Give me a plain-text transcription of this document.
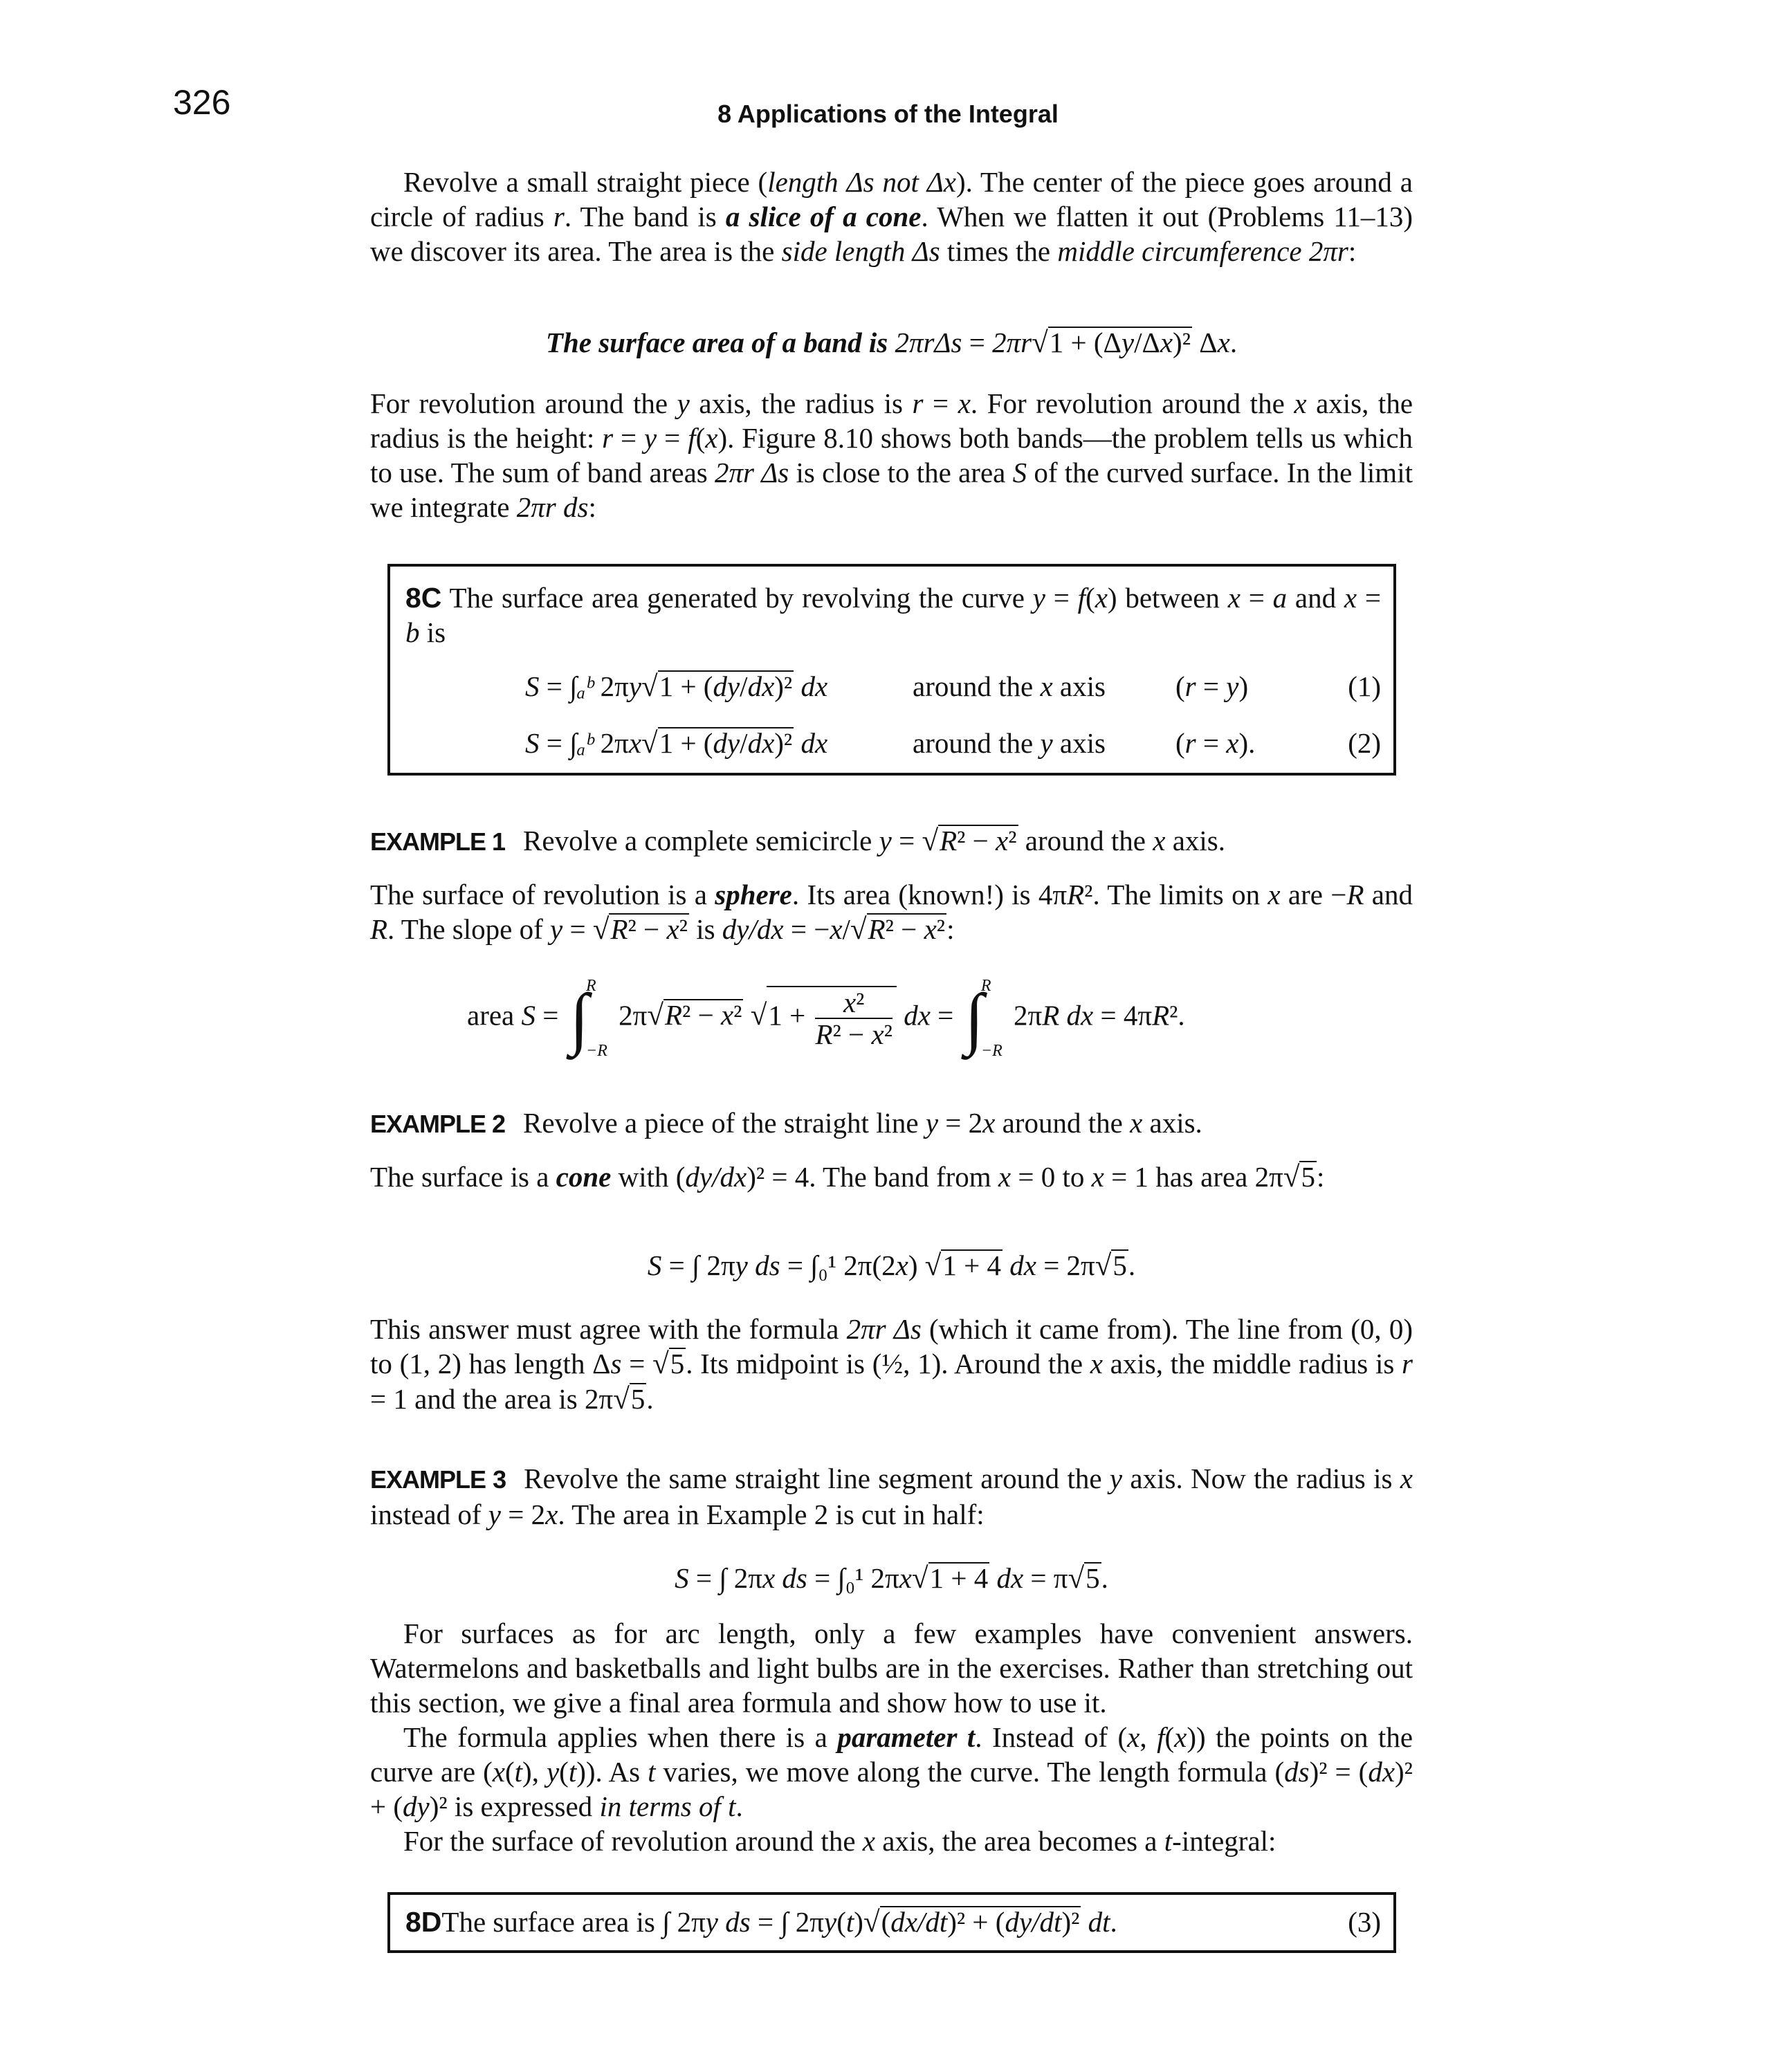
326	8 Applications of the Integral
Revolve a small straight piece (length Δs not Δx). The center of the piece goes around a circle of radius r. The band is a slice of a cone. When we flatten it out (Problems 11–13) we discover its area. The area is the side length Δs times the middle circumference 2πr:
The surface area of a band is 2πrΔs = 2πr√1 + (Δy/Δx)² Δx.
For revolution around the y axis, the radius is r = x. For revolution around the x axis, the radius is the height: r = y = f(x). Figure 8.10 shows both bands—the problem tells us which to use. The sum of band areas 2πr Δs is close to the area S of the curved surface. In the limit we integrate 2πr ds:
8C The surface area generated by revolving the curve y = f(x) between x = a and x = b is
S = ∫ₐᵇ 2πy√1 + (dy/dx)² dx	around the x axis	(r = y)	(1)
S = ∫ₐᵇ 2πx√1 + (dy/dx)² dx	around the y axis	(r = x).	(2)
EXAMPLE 1 Revolve a complete semicircle y = √R² − x² around the x axis.
The surface of revolution is a sphere. Its area (known!) is 4πR². The limits on x are −R and R. The slope of y = √R² − x² is dy/dx = −x/√R² − x²:
area S = ∫
R
−R
2π√R² − x² $√1 + \frac{\text{x²}}{\text{R² − x²}}$ dx = ∫
R
−R
2πR dx = 4πR².
EXAMPLE 2 Revolve a piece of the straight line y = 2x around the x axis.
The surface is a cone with (dy/dx)² = 4. The band from x = 0 to x = 1 has area 2π√5:
S = ∫ 2πy ds = ∫₀¹ 2π(2x) √1 + 4 dx = 2π√5.
This answer must agree with the formula 2πr Δs (which it came from). The line from (0, 0) to (1, 2) has length Δs = √5. Its midpoint is (½, 1). Around the x axis, the middle radius is r = 1 and the area is 2π√5.
EXAMPLE 3 Revolve the same straight line segment around the y axis. Now the radius is x instead of y = 2x. The area in Example 2 is cut in half:
S = ∫ 2πx ds = ∫₀¹ 2πx√1 + 4 dx = π√5.
For surfaces as for arc length, only a few examples have convenient answers. Watermelons and basketballs and light bulbs are in the exercises. Rather than stretching out this section, we give a final area formula and show how to use it.
The formula applies when there is a parameter t. Instead of (x, f(x)) the points on the curve are (x(t), y(t)). As t varies, we move along the curve. The length formula (ds)² = (dx)² + (dy)² is expressed in terms of t.
For the surface of revolution around the x axis, the area becomes a t-integral:
8D The surface area is ∫ 2πy ds = ∫ 2πy(t)√(dx/dt)² + (dy/dt)² dt.	(3)
